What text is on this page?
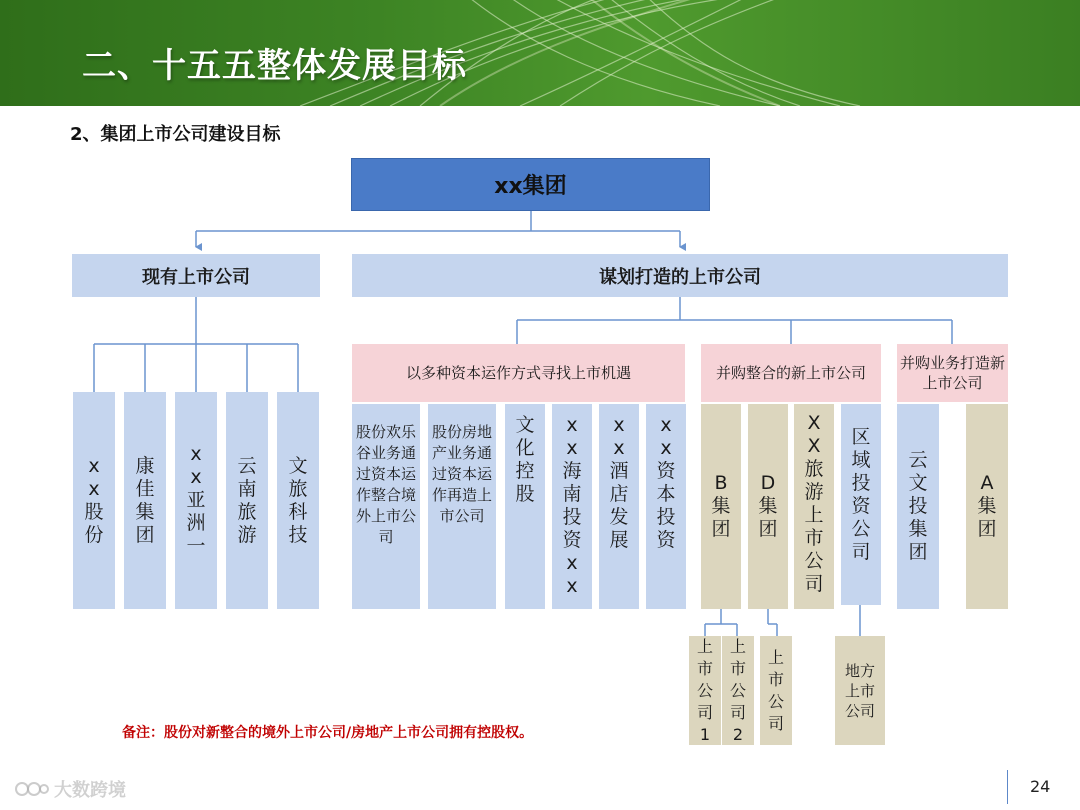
二、十五五整体发展目标
2、集团上市公司建设目标
xx集团
现有上市公司	谋划打造的上市公司
xx股份
康佳集团
xx亚洲一
云南旅游
文旅科技
以多种资本运作方式寻找上市机遇	并购整合的新上市公司
并购业务打造新上市公司
股份欢乐谷业务通过资本运作整合境外上市公司
股份房地产业务通过资本运作再造上市公司
文化控股
xx海南投资xx
xx酒店发展
xx资本投资
B集团
D集团
XX旅游上市公司
区域投资公司
云文投集团
A集团
上市公司1
上市公司2
上市公司
地方上市公司
备注：股份对新整合的境外上市公司/房地产上市公司拥有控股权。
大数跨境	24
